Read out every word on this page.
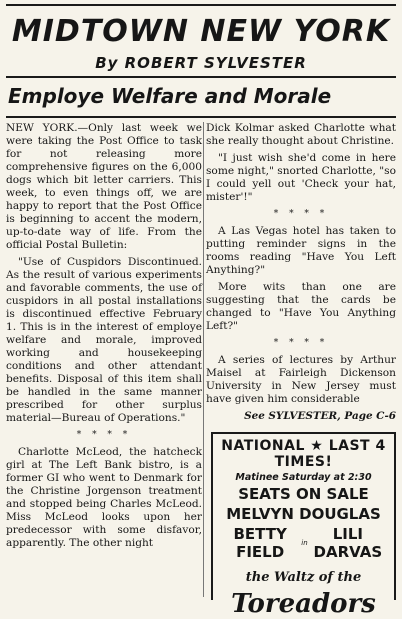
MIDTOWN NEW YORK
By ROBERT SYLVESTER
Employe Welfare and Morale

NEW YORK.—Only last week we were taking the Post Office to task for not releasing more comprehensive figures on the 6,000 dogs which bit letter carriers. This week, to even things off, we are happy to report that the Post Office is beginning to accent the modern, up-to-date way of life. From the official Postal Bulletin:

"Use of Cuspidors Discontinued. As the result of various experiments and favorable comments, the use of cuspidors in all postal installations is discontinued effective February 1. This is in the interest of employe welfare and morale, improved working and housekeeping conditions and other attendant benefits. Disposal of this item shall be handled in the same manner prescribed for other surplus material—Bureau of Operations."

* * * *

Charlotte McLeod, the hatcheck girl at The Left Bank bistro, is a former GI who went to Denmark for the Christine Jorgenson treatment and stopped being Charles McLeod. Miss McLeod looks upon her predecessor with some disfavor, apparently. The other night

Dick Kolmar asked Charlotte what she really thought about Christine.

"I just wish she'd come in here some night," snorted Charlotte, "so I could yell out 'Check your hat, mister'!"

* * * *

A Las Vegas hotel has taken to putting reminder signs in the rooms reading "Have You Left Anything?"

More wits than one are suggesting that the cards be changed to "Have You Anything Left?"

* * * *

A series of lectures by Arthur Maisel at Fairleigh Dickenson University in New Jersey must have given him considerable

See SYLVESTER, Page C-6
NATIONAL ★ LAST 4 TIMES!
Matinee Saturday at 2:30
SEATS ON SALE
MELVYN DOUGLAS
BETTY FIELD	in	LILI DARVAS
the Waltz of the
Toreadors
